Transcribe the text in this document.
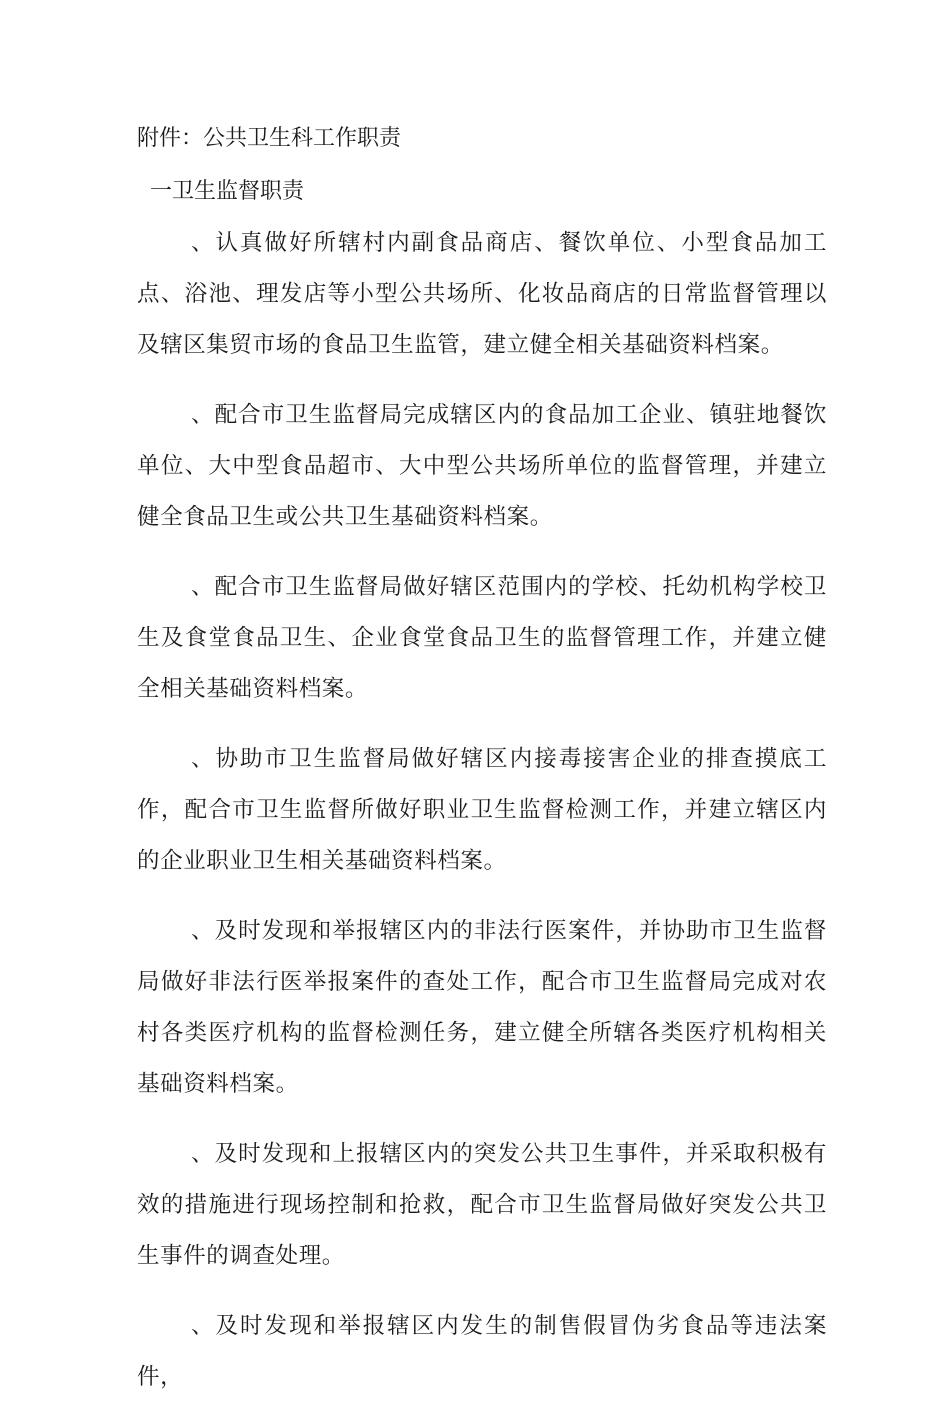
附件：公共卫生科工作职责
一卫生监督职责

、认真做好所辖村内副食品商店、餐饮单位、小型食品加工点、浴池、理发店等小型公共场所、化妆品商店的日常监督管理以及辖区集贸市场的食品卫生监管，建立健全相关基础资料档案。

、配合市卫生监督局完成辖区内的食品加工企业、镇驻地餐饮单位、大中型食品超市、大中型公共场所单位的监督管理，并建立健全食品卫生或公共卫生基础资料档案。

、配合市卫生监督局做好辖区范围内的学校、托幼机构学校卫生及食堂食品卫生、企业食堂食品卫生的监督管理工作，并建立健全相关基础资料档案。

、协助市卫生监督局做好辖区内接毒接害企业的排查摸底工作，配合市卫生监督所做好职业卫生监督检测工作，并建立辖区内的企业职业卫生相关基础资料档案。

、及时发现和举报辖区内的非法行医案件，并协助市卫生监督局做好非法行医举报案件的查处工作，配合市卫生监督局完成对农村各类医疗机构的监督检测任务，建立健全所辖各类医疗机构相关基础资料档案。

、及时发现和上报辖区内的突发公共卫生事件，并采取积极有效的措施进行现场控制和抢救，配合市卫生监督局做好突发公共卫生事件的调查处理。

、及时发现和举报辖区内发生的制售假冒伪劣食品等违法案件，
